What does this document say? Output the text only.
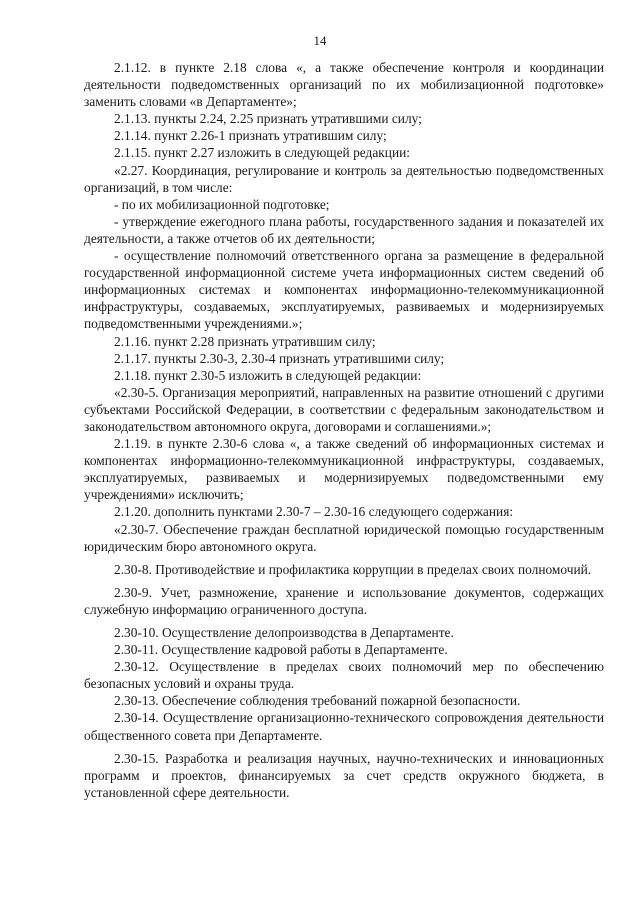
14

2.1.12. в пункте 2.18 слова «, а также обеспечение контроля и координации деятельности подведомственных организаций по их мобилизационной подготовке» заменить словами «в Департаменте»;

2.1.13. пункты 2.24, 2.25 признать утратившими силу;

2.1.14. пункт 2.26-1 признать утратившим силу;

2.1.15. пункт 2.27 изложить в следующей редакции:

«2.27. Координация, регулирование и контроль за деятельностью подведомственных организаций, в том числе:

- по их мобилизационной подготовке;

- утверждение ежегодного плана работы, государственного задания и показателей их деятельности, а также отчетов об их деятельности;

- осуществление полномочий ответственного органа за размещение в федеральной государственной информационной системе учета информационных систем сведений об информационных системах и компонентах информационно-телекоммуникационной инфраструктуры, создаваемых, эксплуатируемых, развиваемых и модернизируемых подведомственными учреждениями.»;

2.1.16. пункт 2.28 признать утратившим силу;

2.1.17. пункты 2.30-3, 2.30-4 признать утратившими силу;

2.1.18. пункт 2.30-5 изложить в следующей редакции:

«2.30-5. Организация мероприятий, направленных на развитие отношений с другими субъектами Российской Федерации, в соответствии с федеральным законодательством и законодательством автономного округа, договорами и соглашениями.»;

2.1.19. в пункте 2.30-6 слова «, а также сведений об информационных системах и компонентах информационно-телекоммуникационной инфраструктуры, создаваемых, эксплуатируемых, развиваемых и модернизируемых подведомственными ему учреждениями» исключить;

2.1.20. дополнить пунктами 2.30-7 – 2.30-16 следующего содержания:

«2.30-7. Обеспечение граждан бесплатной юридической помощью государственным юридическим бюро автономного округа.

2.30-8. Противодействие и профилактика коррупции в пределах своих полномочий.

2.30-9. Учет, размножение, хранение и использование документов, содержащих служебную информацию ограниченного доступа.

2.30-10. Осуществление делопроизводства в Департаменте.

2.30-11. Осуществление кадровой работы в Департаменте.

2.30-12. Осуществление в пределах своих полномочий мер по обеспечению безопасных условий и охраны труда.

2.30-13. Обеспечение соблюдения требований пожарной безопасности.

2.30-14. Осуществление организационно-технического сопровождения деятельности общественного совета при Департаменте.

2.30-15. Разработка и реализация научных, научно-технических и инновационных программ и проектов, финансируемых за счет средств окружного бюджета, в установленной сфере деятельности.
